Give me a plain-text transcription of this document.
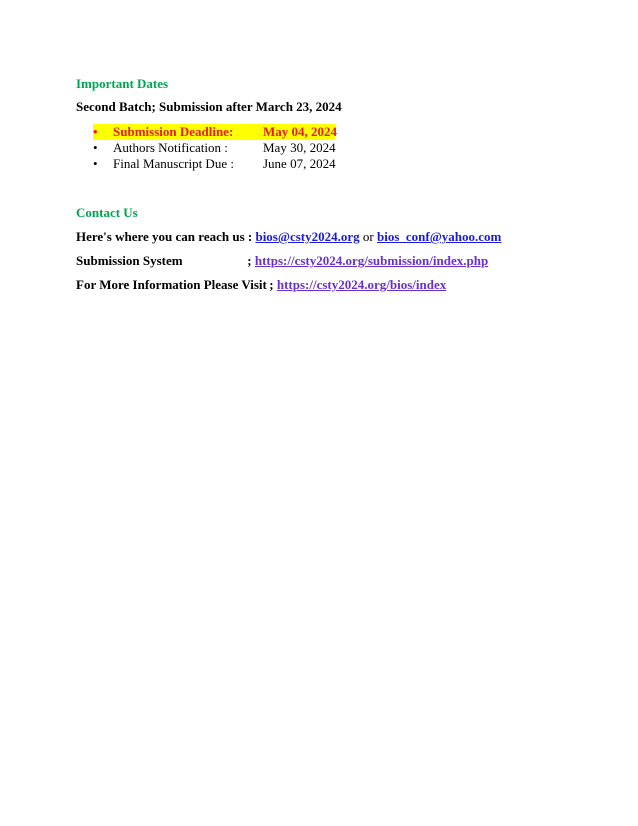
Important Dates
Second Batch; Submission after March 23, 2024
•	Submission Deadline: May 04, 2024
•	Authors Notification :	May 30, 2024
•	Final Manuscript Due : June 07, 2024
Contact Us
Here's where you can reach us : bios@csty2024.org or bios_conf@yahoo.com
Submission System	; https://csty2024.org/submission/index.php
For More Information Please Visit ; https://csty2024.org/bios/index
